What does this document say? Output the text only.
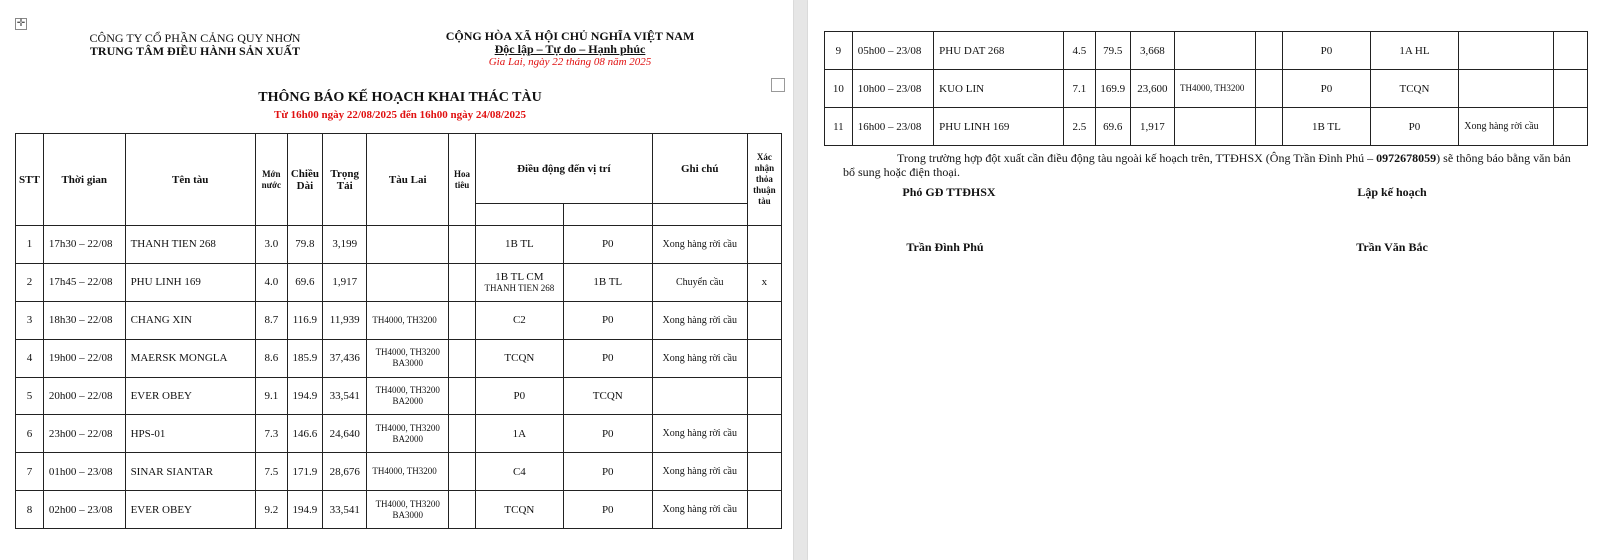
✛
CÔNG TY CỔ PHẦN CẢNG QUY NHƠN
TRUNG TÂM ĐIỀU HÀNH SẢN XUẤT
CỘNG HÒA XÃ HỘI CHỦ NGHĨA VIỆT NAM
Độc lập – Tự do – Hạnh phúc
Gia Lai, ngày 22 tháng 08 năm 2025
THÔNG BÁO KẾ HOẠCH KHAI THÁC TÀU
Từ 16h00 ngày 22/08/2025 đến 16h00 ngày 24/08/2025
STT	Thời gian	Tên tàu	Mớn nước	Chiều Dài	Trọng Tải	Tàu Lai	Hoa tiêu	Điều động đến vị trí		Ghi chú	Xác nhận thỏa thuận tàu

1	17h30 – 22/08	THANH TIEN 268	3.0	79.8	3,199			1B TL	P0	Xong hàng rời cầu	
2	17h45 – 22/08	PHU LINH 169	4.0	69.6	1,917			1B TL CM
THANH TIEN 268	1B TL	Chuyển cầu	x
3	18h30 – 22/08	CHANG XIN	8.7	116.9	11,939	TH4000, TH3200		C2	P0	Xong hàng rời cầu	
4	19h00 – 22/08	MAERSK MONGLA	8.6	185.9	37,436	TH4000, TH3200 BA3000		TCQN	P0	Xong hàng rời cầu	
5	20h00 – 22/08	EVER OBEY	9.1	194.9	33,541	TH4000, TH3200 BA2000		P0	TCQN		
6	23h00 – 22/08	HPS-01	7.3	146.6	24,640	TH4000, TH3200 BA2000		1A	P0	Xong hàng rời cầu	
7	01h00 – 23/08	SINAR SIANTAR	7.5	171.9	28,676	TH4000, TH3200		C4	P0	Xong hàng rời cầu	
8	02h00 – 23/08	EVER OBEY	9.2	194.9	33,541	TH4000, TH3200 BA3000		TCQN	P0	Xong hàng rời cầu	
9	05h00 – 23/08	PHU DAT 268	4.5	79.5	3,668			P0	1A HL		
10	10h00 – 23/08	KUO LIN	7.1	169.9	23,600	TH4000, TH3200		P0	TCQN		
11	16h00 – 23/08	PHU LINH 169	2.5	69.6	1,917			1B TL	P0	Xong hàng rời cầu	
Trong trường hợp đột xuất cần điều động tàu ngoài kế hoạch trên, TTĐHSX (Ông Trần Đình Phú – 0972678059) sẽ thông báo bằng văn bản bổ sung hoặc điện thoại.
Phó GĐ TTĐHSX	Lập kế hoạch
Trần Đình Phú	Trần Văn Bắc
